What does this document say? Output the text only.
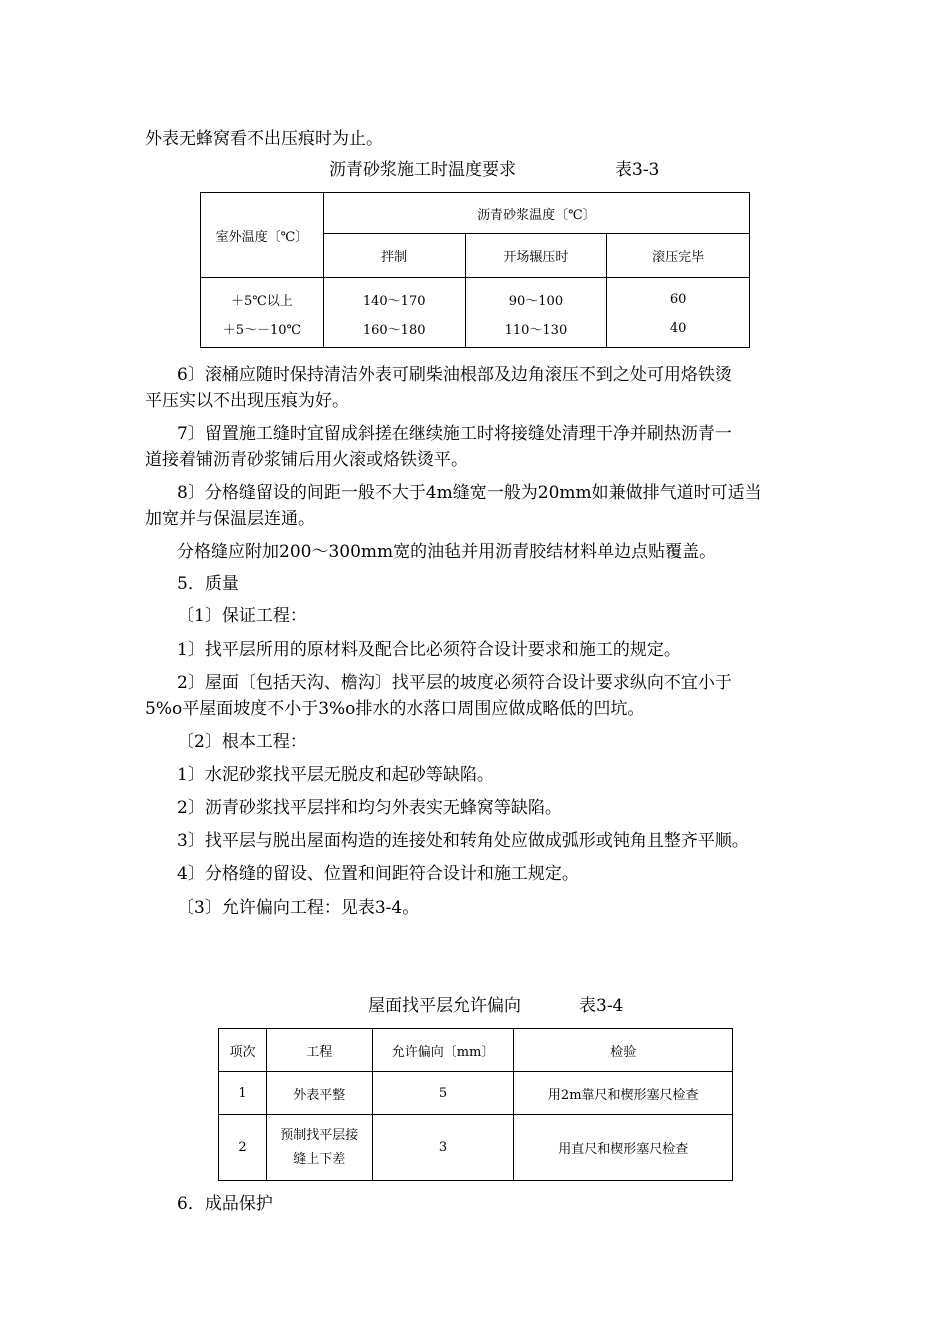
外表无蜂窝看不出压痕时为止。
沥青砂浆施工时温度要求	表3-3
室外温度〔℃〕	沥青砂浆温度〔℃〕		
	拌制	开场辗压时	滚压完毕
＋5℃以上	140～170	90～100	60
＋5～－10℃	160～180	110～130	40
6〕滚桶应随时保持清洁外表可刷柴油根部及边角滚压不到之处可用烙铁烫
平压实以不出现压痕为好。
7〕留置施工缝时宜留成斜搓在继续施工时将接缝处清理干净并刷热沥青一
道接着铺沥青砂浆铺后用火滚或烙铁烫平。
8〕分格缝留设的间距一般不大于4m缝宽一般为20mm如兼做排气道时可适当
加宽并与保温层连通。
分格缝应附加200～300mm宽的油毡并用沥青胶结材料单边点贴覆盖。
5．质量
〔1〕保证工程：
1〕找平层所用的原材料及配合比必须符合设计要求和施工的规定。
2〕屋面〔包括天沟、檐沟〕找平层的坡度必须符合设计要求纵向不宜小于
5%o平屋面坡度不小于3%o排水的水落口周围应做成略低的凹坑。
〔2〕根本工程：
1〕水泥砂浆找平层无脱皮和起砂等缺陷。
2〕沥青砂浆找平层拌和均匀外表实无蜂窝等缺陷。
3〕找平层与脱出屋面构造的连接处和转角处应做成弧形或钝角且整齐平顺。
4〕分格缝的留设、位置和间距符合设计和施工规定。
〔3〕允许偏向工程：见表3-4。
屋面找平层允许偏向	表3-4
项次	工程	允许偏向〔mm〕	检验
1	外表平整	5	用2m靠尺和楔形塞尺检查
2	预制找平层接
缝上下差	3	用直尺和楔形塞尺检查
6．成品保护
